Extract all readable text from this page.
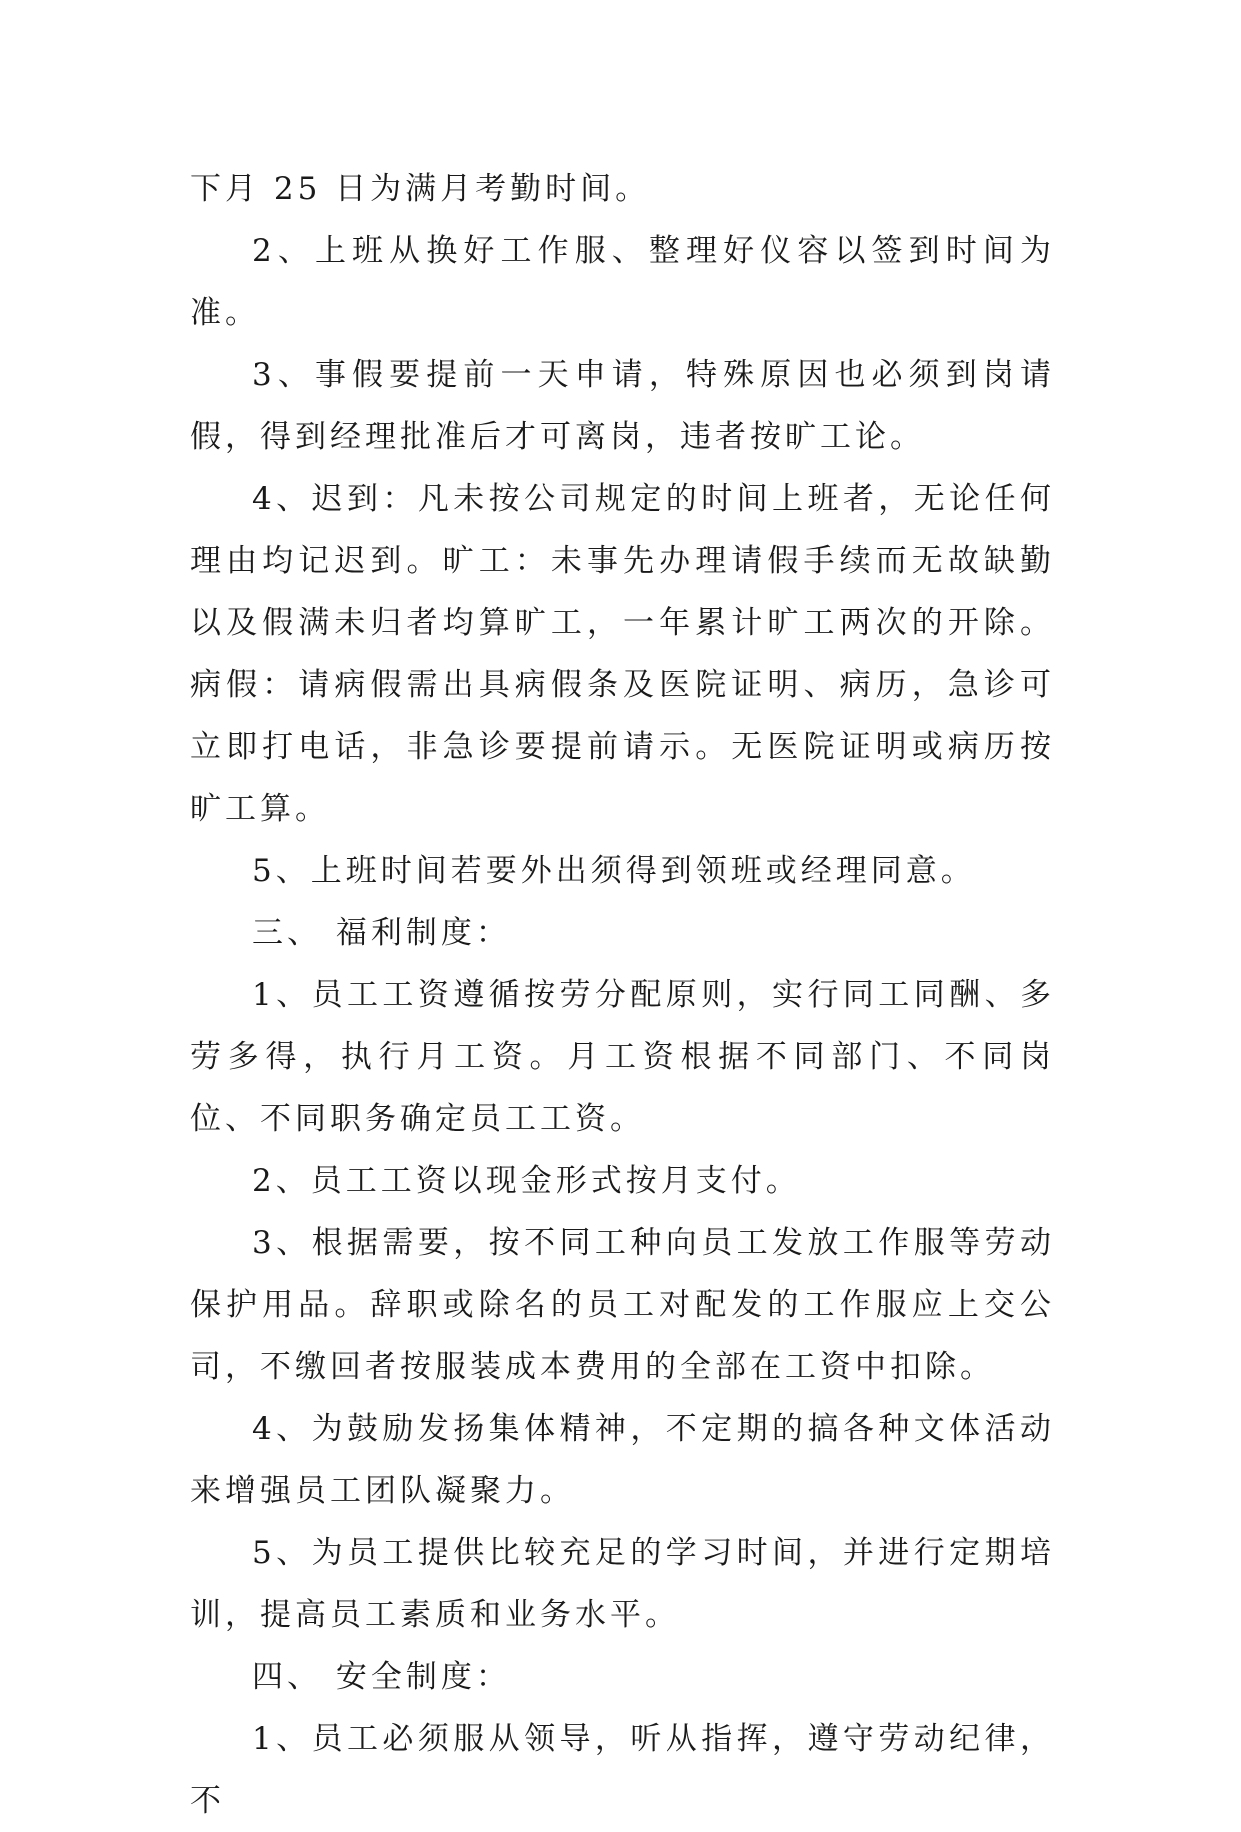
下月 25 日为满月考勤时间。

2、上班从换好工作服、整理好仪容以签到时间为准。

3、事假要提前一天申请，特殊原因也必须到岗请假，得到经理批准后才可离岗，违者按旷工论。

4、迟到：凡未按公司规定的时间上班者，无论任何理由均记迟到。旷工：未事先办理请假手续而无故缺勤以及假满未归者均算旷工，一年累计旷工两次的开除。病假：请病假需出具病假条及医院证明、病历，急诊可立即打电话，非急诊要提前请示。无医院证明或病历按旷工算。

5、上班时间若要外出须得到领班或经理同意。

三、 福利制度：

1、员工工资遵循按劳分配原则，实行同工同酬、多劳多得，执行月工资。月工资根据不同部门、不同岗位、不同职务确定员工工资。

2、员工工资以现金形式按月支付。

3、根据需要，按不同工种向员工发放工作服等劳动保护用品。辞职或除名的员工对配发的工作服应上交公司，不缴回者按服装成本费用的全部在工资中扣除。

4、为鼓励发扬集体精神，不定期的搞各种文体活动来增强员工团队凝聚力。

5、为员工提供比较充足的学习时间，并进行定期培训，提高员工素质和业务水平。

四、 安全制度：

1、员工必须服从领导，听从指挥，遵守劳动纪律，不
